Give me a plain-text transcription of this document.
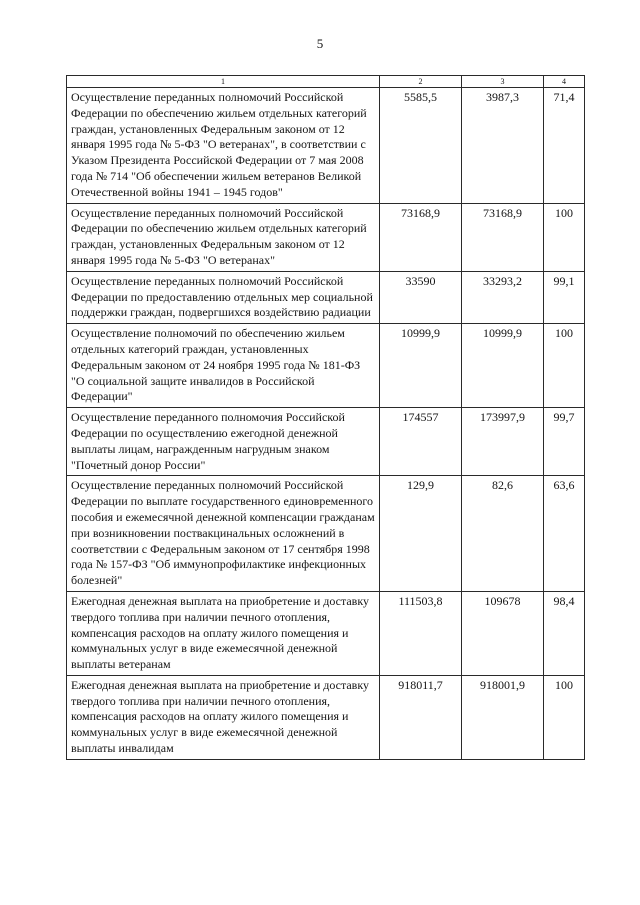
5
1	2	3	4
Осуществление переданных полномочий Российской Федерации по обеспечению жильем отдельных категорий граждан, установленных Федеральным законом от 12 января 1995 года № 5-ФЗ "О ветеранах", в соответствии с Указом Президента Российской Федерации от 7 мая 2008 года № 714 "Об обеспечении жильем ветеранов Великой Отечественной войны 1941 – 1945 годов"	5585,5	3987,3	71,4
Осуществление переданных полномочий Российской Федерации по обеспечению жильем отдельных категорий граждан, установленных Федеральным законом от 12 января 1995 года № 5-ФЗ "О ветеранах"	73168,9	73168,9	100
Осуществление переданных полномочий Российской Федерации по предоставлению отдельных мер социальной поддержки граждан, подвергшихся воздействию радиации	33590	33293,2	99,1
Осуществление полномочий по обеспечению жильем отдельных категорий граждан, установленных Федеральным законом от 24 ноября 1995 года № 181-ФЗ "О социальной защите инвалидов в Российской Федерации"	10999,9	10999,9	100
Осуществление переданного полномочия Российской Федерации по осуществлению ежегодной денежной выплаты лицам, награжденным нагрудным знаком "Почетный донор России"	174557	173997,9	99,7
Осуществление переданных полномочий Российской Федерации по выплате государственного единовременного пособия и ежемесячной денежной компенсации гражданам при возникновении поствакцинальных осложнений в соответствии с Федеральным законом от 17 сентября 1998 года № 157-ФЗ "Об иммунопрофилактике инфекционных болезней"	129,9	82,6	63,6
Ежегодная денежная выплата на приобретение и доставку твердого топлива при наличии печного отопления, компенсация расходов на оплату жилого помещения и коммунальных услуг в виде ежемесячной денежной выплаты ветеранам	111503,8	109678	98,4
Ежегодная денежная выплата на приобретение и доставку твердого топлива при наличии печного отопления, компенсация расходов на оплату жилого помещения и коммунальных услуг в виде ежемесячной денежной выплаты инвалидам	918011,7	918001,9	100
